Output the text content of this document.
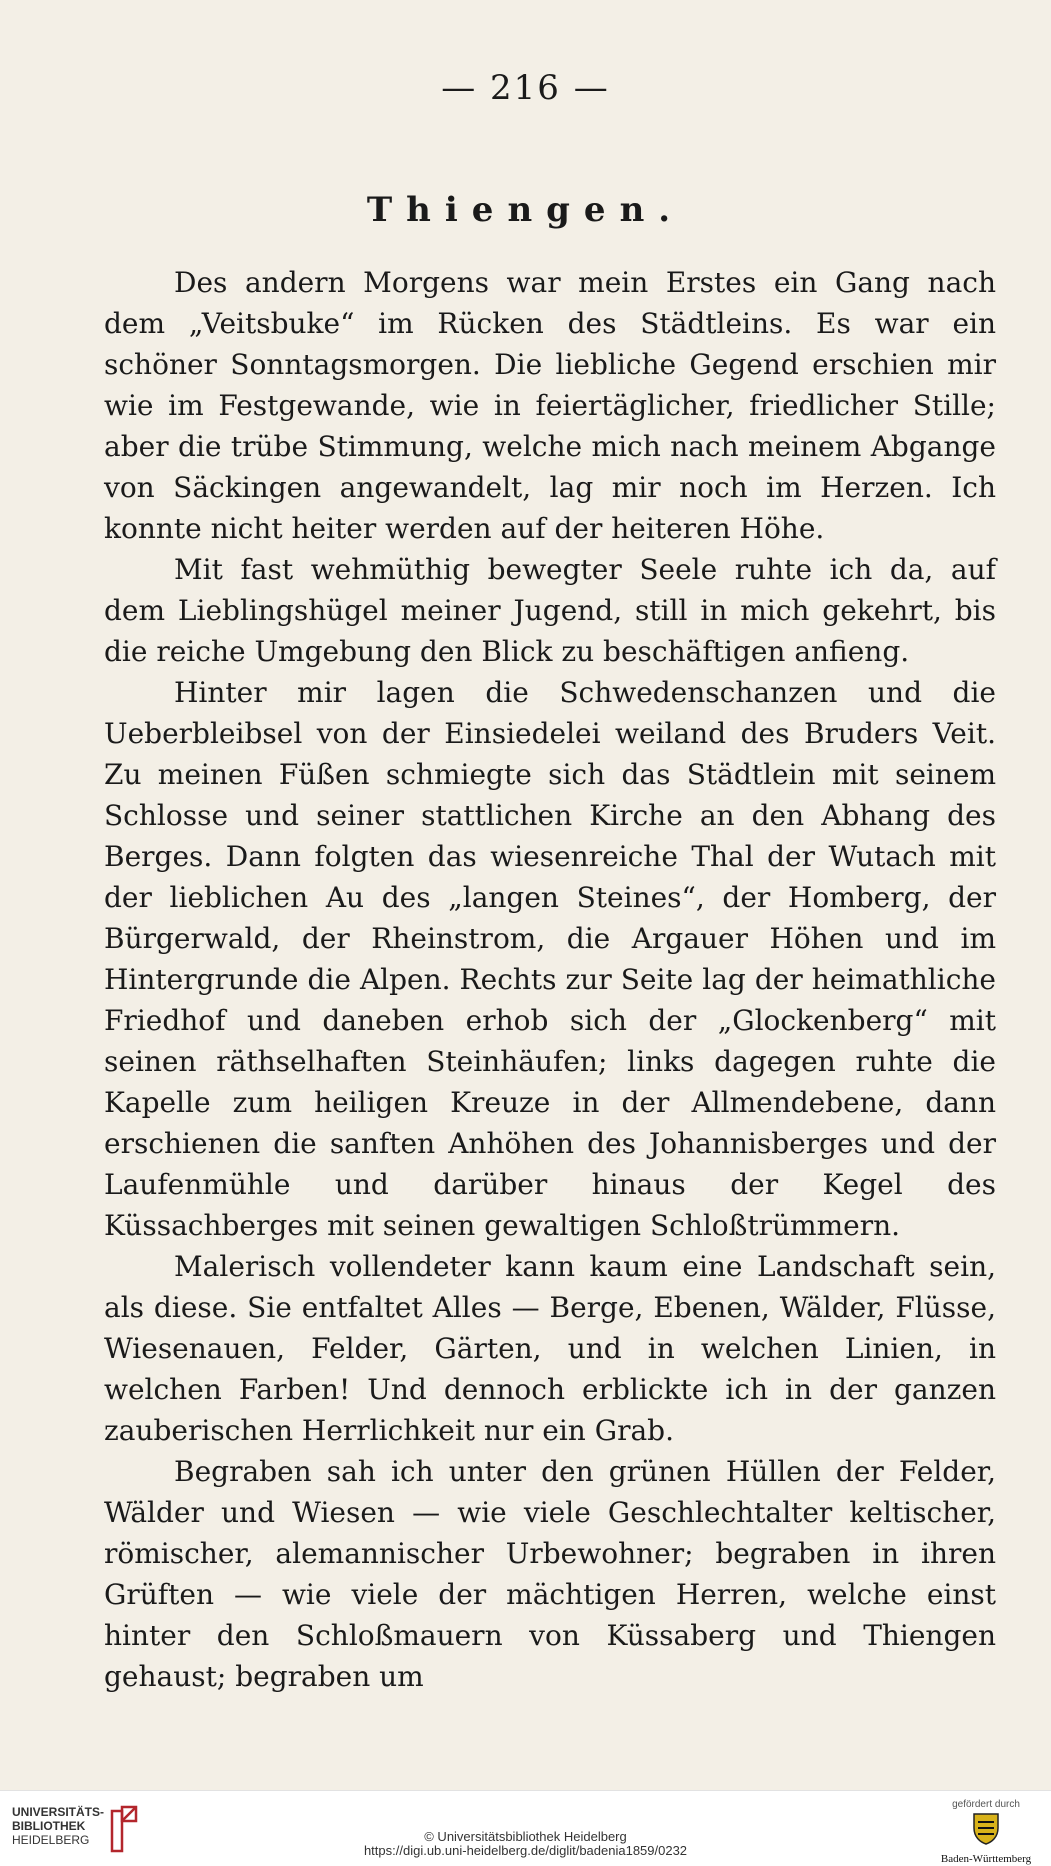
— 216 —
Thiengen.

Des andern Morgens war mein Erstes ein Gang nach dem „Veitsbuke“ im Rücken des Städtleins. Es war ein schöner Sonntagsmorgen. Die liebliche Gegend erschien mir wie im Festgewande, wie in feiertäglicher, friedlicher Stille; aber die trübe Stimmung, welche mich nach meinem Abgange von Säckingen angewandelt, lag mir noch im Herzen. Ich konnte nicht heiter werden auf der heiteren Höhe.

Mit fast wehmüthig bewegter Seele ruhte ich da, auf dem Lieblingshügel meiner Jugend, still in mich gekehrt, bis die reiche Umgebung den Blick zu beschäftigen anfieng.

Hinter mir lagen die Schwedenschanzen und die Ueberbleibsel von der Einsiedelei weiland des Bruders Veit. Zu meinen Füßen schmiegte sich das Städtlein mit seinem Schlosse und seiner stattlichen Kirche an den Abhang des Berges. Dann folgten das wiesenreiche Thal der Wutach mit der lieblichen Au des „langen Steines“, der Homberg, der Bürgerwald, der Rheinstrom, die Argauer Höhen und im Hintergrunde die Alpen. Rechts zur Seite lag der heimathliche Friedhof und daneben erhob sich der „Glockenberg“ mit seinen räthselhaften Steinhäufen; links dagegen ruhte die Kapelle zum heiligen Kreuze in der Allmendebene, dann erschienen die sanften Anhöhen des Johannisberges und der Laufenmühle und darüber hinaus der Kegel des Küssachberges mit seinen gewaltigen Schloßtrümmern.

Malerisch vollendeter kann kaum eine Landschaft sein, als diese. Sie entfaltet Alles — Berge, Ebenen, Wälder, Flüsse, Wiesenauen, Felder, Gärten, und in welchen Linien, in welchen Farben! Und dennoch erblickte ich in der ganzen zauberischen Herrlichkeit nur ein Grab.

Begraben sah ich unter den grünen Hüllen der Felder, Wälder und Wiesen — wie viele Geschlechtalter keltischer, römischer, alemannischer Urbewohner; begraben in ihren Grüften — wie viele der mächtigen Herren, welche einst hinter den Schloßmauern von Küssaberg und Thiengen gehaust; begraben um

UNIVERSITÄTS-
BIBLIOTHEK
HEIDELBERG	© Universitätsbibliothek Heidelberg
https://digi.ub.uni-heidelberg.de/diglit/badenia1859/0232
gefördert durch
Baden-Württemberg
